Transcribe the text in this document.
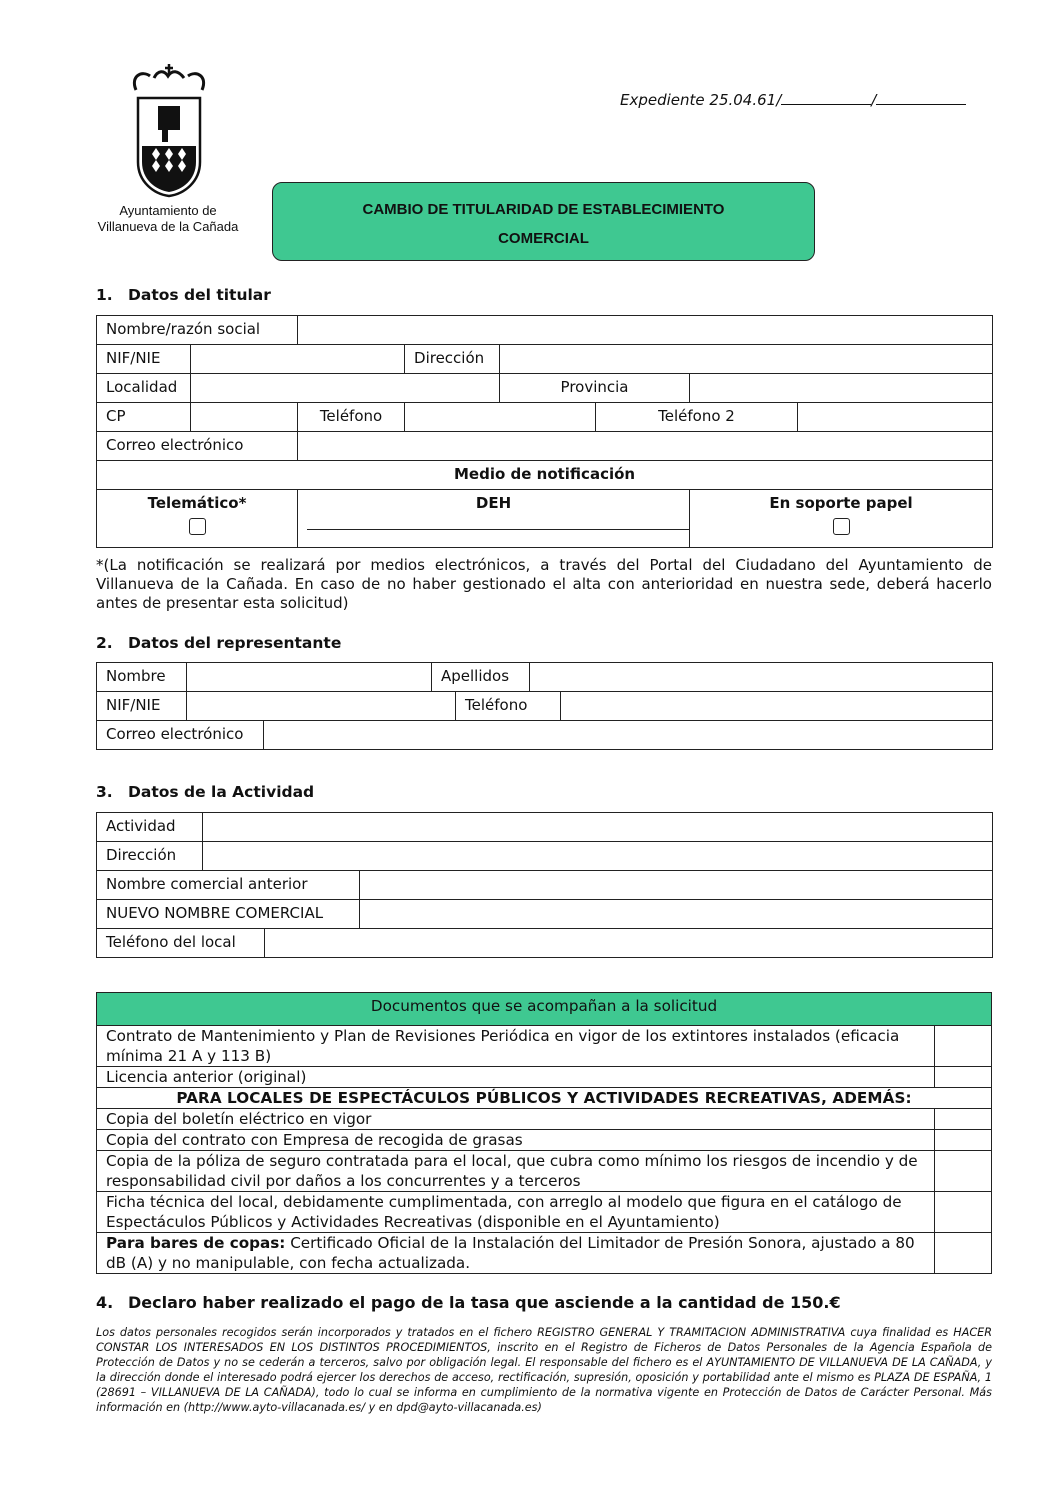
Ayuntamiento de
Villanueva de la Cañada
Expediente 25.04.61/	/
CAMBIO DE TITULARIDAD DE ESTABLECIMIENTO
COMERCIAL
1. Datos del titular
Nombre/razón social							
NIF/NIE			Dirección				
Localidad				Provincia			
CP		Teléfono			Teléfono 2		
Correo electrónico							
Medio de notificación							

Telemático*		DEH				En soporte papel	
*(La notificación se realizará por medios electrónicos, a través del Portal del Ciudadano del Ayuntamiento de Villanueva de la Cañada. En caso de no haber gestionado el alta con anterioridad en nuestra sede, deberá hacerlo antes de presentar esta solicitud)
2. Datos del representante
Nombre			Apellidos			
NIF/NIE				Teléfono		
Correo electrónico						
3. Datos de la Actividad
Actividad			
Dirección			
Nombre comercial anterior			
NUEVO NOMBRE COMERCIAL			
Teléfono del local			
Documentos que se acompañan a la solicitud	
Contrato de Mantenimiento y Plan de Revisiones Periódica en vigor de los extintores instalados (eficacia mínima 21 A y 113 B)	
Licencia anterior (original)	
PARA LOCALES DE ESPECTÁCULOS PÚBLICOS Y ACTIVIDADES RECREATIVAS, ADEMÁS:	
Copia del boletín eléctrico en vigor	
Copia del contrato con Empresa de recogida de grasas	
Copia de la póliza de seguro contratada para el local, que cubra como mínimo los riesgos de incendio y de responsabilidad civil por daños a los concurrentes y a terceros	
Ficha técnica del local, debidamente cumplimentada, con arreglo al modelo que figura en el catálogo de Espectáculos Públicos y Actividades Recreativas (disponible en el Ayuntamiento)	
Para bares de copas: Certificado Oficial de la Instalación del Limitador de Presión Sonora, ajustado a 80 dB (A) y no manipulable, con fecha actualizada.	
4. Declaro haber realizado el pago de la tasa que asciende a la cantidad de 150.€
Los datos personales recogidos serán incorporados y tratados en el fichero REGISTRO GENERAL Y TRAMITACION ADMINISTRATIVA cuya finalidad es HACER CONSTAR LOS INTERESADOS EN LOS DISTINTOS PROCEDIMIENTOS, inscrito en el Registro de Ficheros de Datos Personales de la Agencia Española de Protección de Datos y no se cederán a terceros, salvo por obligación legal. El responsable del fichero es el AYUNTAMIENTO DE VILLANUEVA DE LA CAÑADA, y la dirección donde el interesado podrá ejercer los derechos de acceso, rectificación, supresión, oposición y portabilidad ante el mismo es PLAZA DE ESPAÑA, 1 (28691 – VILLANUEVA DE LA CAÑADA), todo lo cual se informa en cumplimiento de la normativa vigente en Protección de Datos de Carácter Personal. Más información en (http://www.ayto-villacanada.es/ y en dpd@ayto-villacanada.es)
